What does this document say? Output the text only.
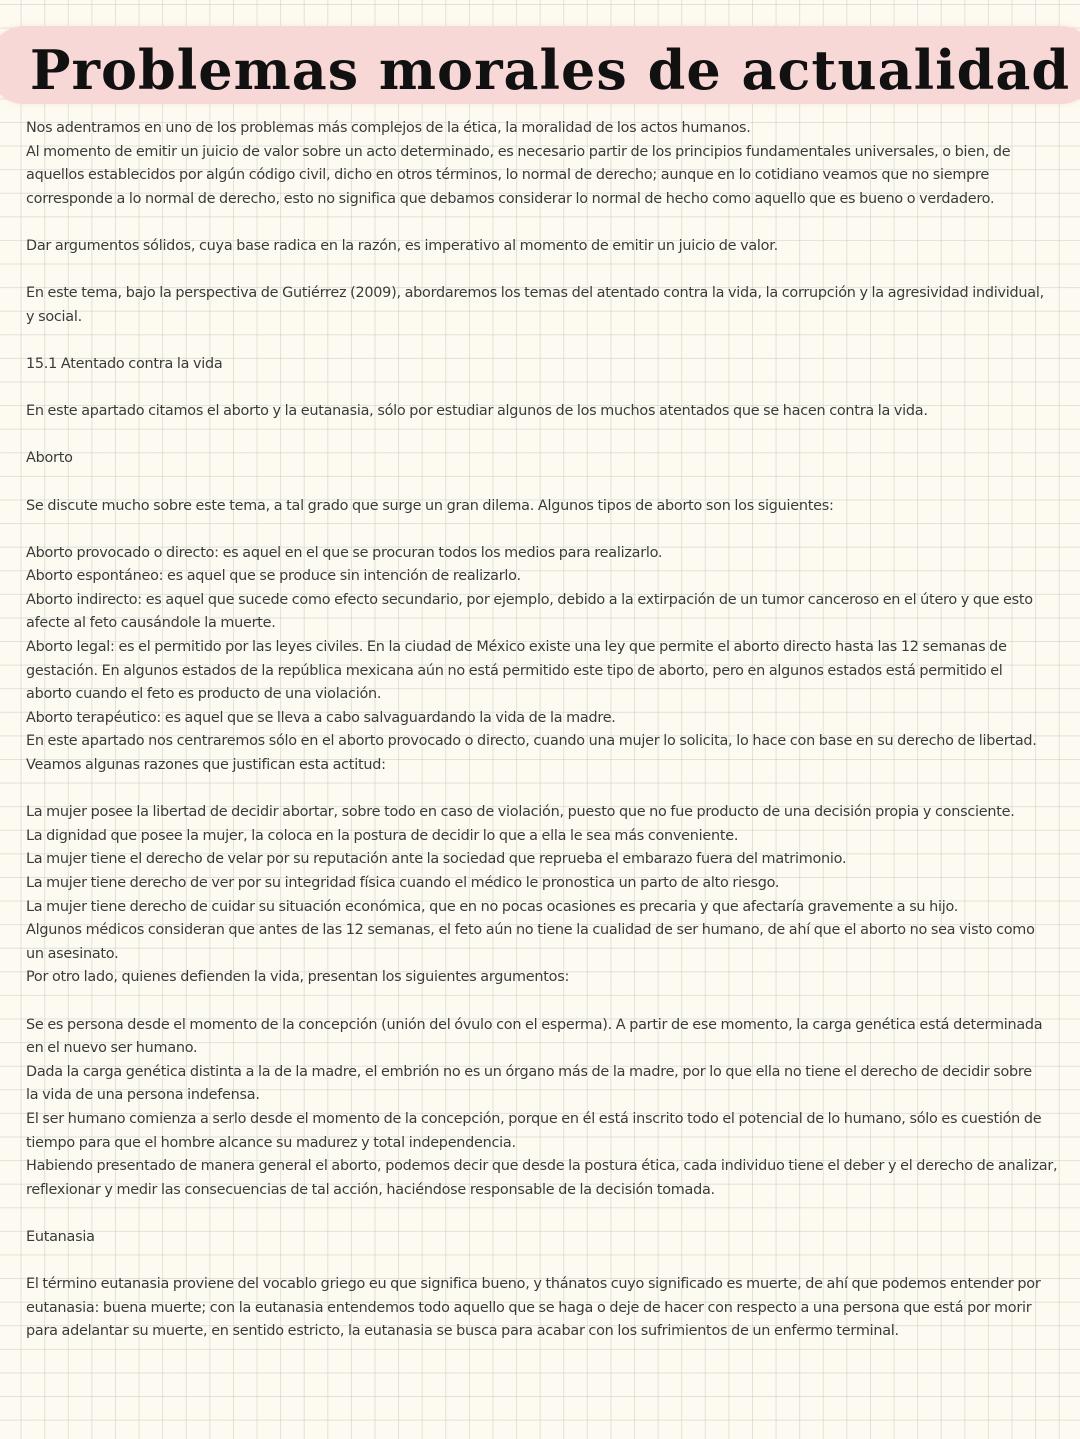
Problemas morales de actualidad
Nos adentramos en uno de los problemas más complejos de la ética, la moralidad de los actos humanos.
Al momento de emitir un juicio de valor sobre un acto determinado, es necesario partir de los principios fundamentales universales, o bien, de
aquellos establecidos por algún código civil, dicho en otros términos, lo normal de derecho; aunque en lo cotidiano veamos que no siempre
corresponde a lo normal de derecho, esto no significa que debamos considerar lo normal de hecho como aquello que es bueno o verdadero.
Dar argumentos sólidos, cuya base radica en la razón, es imperativo al momento de emitir un juicio de valor.
En este tema, bajo la perspectiva de Gutiérrez (2009), abordaremos los temas del atentado contra la vida, la corrupción y la agresividad individual,
y social.
15.1 Atentado contra la vida
En este apartado citamos el aborto y la eutanasia, sólo por estudiar algunos de los muchos atentados que se hacen contra la vida.
Aborto
Se discute mucho sobre este tema, a tal grado que surge un gran dilema. Algunos tipos de aborto son los siguientes:
Aborto provocado o directo: es aquel en el que se procuran todos los medios para realizarlo.
Aborto espontáneo: es aquel que se produce sin intención de realizarlo.
Aborto indirecto: es aquel que sucede como efecto secundario, por ejemplo, debido a la extirpación de un tumor canceroso en el útero y que esto
afecte al feto causándole la muerte.
Aborto legal: es el permitido por las leyes civiles. En la ciudad de México existe una ley que permite el aborto directo hasta las 12 semanas de
gestación. En algunos estados de la república mexicana aún no está permitido este tipo de aborto, pero en algunos estados está permitido el
aborto cuando el feto es producto de una violación.
Aborto terapéutico: es aquel que se lleva a cabo salvaguardando la vida de la madre.
En este apartado nos centraremos sólo en el aborto provocado o directo, cuando una mujer lo solicita, lo hace con base en su derecho de libertad.
Veamos algunas razones que justifican esta actitud:
La mujer posee la libertad de decidir abortar, sobre todo en caso de violación, puesto que no fue producto de una decisión propia y consciente.
La dignidad que posee la mujer, la coloca en la postura de decidir lo que a ella le sea más conveniente.
La mujer tiene el derecho de velar por su reputación ante la sociedad que reprueba el embarazo fuera del matrimonio.
La mujer tiene derecho de ver por su integridad física cuando el médico le pronostica un parto de alto riesgo.
La mujer tiene derecho de cuidar su situación económica, que en no pocas ocasiones es precaria y que afectaría gravemente a su hijo.
Algunos médicos consideran que antes de las 12 semanas, el feto aún no tiene la cualidad de ser humano, de ahí que el aborto no sea visto como
un asesinato.
Por otro lado, quienes defienden la vida, presentan los siguientes argumentos:
Se es persona desde el momento de la concepción (unión del óvulo con el esperma). A partir de ese momento, la carga genética está determinada
en el nuevo ser humano.
Dada la carga genética distinta a la de la madre, el embrión no es un órgano más de la madre, por lo que ella no tiene el derecho de decidir sobre
la vida de una persona indefensa.
El ser humano comienza a serlo desde el momento de la concepción, porque en él está inscrito todo el potencial de lo humano, sólo es cuestión de
tiempo para que el hombre alcance su madurez y total independencia.
Habiendo presentado de manera general el aborto, podemos decir que desde la postura ética, cada individuo tiene el deber y el derecho de analizar,
reflexionar y medir las consecuencias de tal acción, haciéndose responsable de la decisión tomada.
Eutanasia
El término eutanasia proviene del vocablo griego eu que significa bueno, y thánatos cuyo significado es muerte, de ahí que podemos entender por
eutanasia: buena muerte; con la eutanasia entendemos todo aquello que se haga o deje de hacer con respecto a una persona que está por morir
para adelantar su muerte, en sentido estricto, la eutanasia se busca para acabar con los sufrimientos de un enfermo terminal.
